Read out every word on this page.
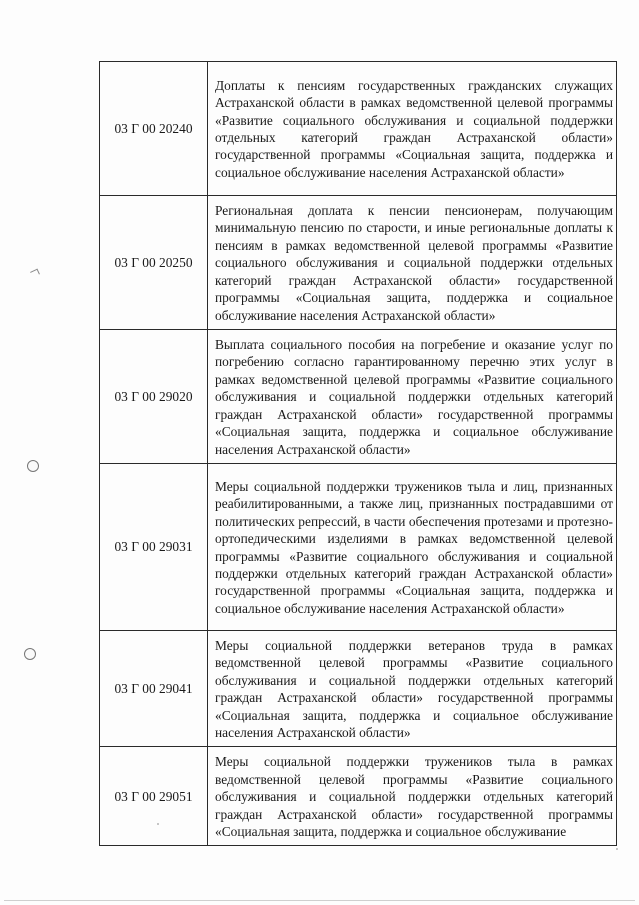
03 Г 00 20240	Доплаты к пенсиям государственных гражданских служащих Астраханской области в рамках ведомственной целевой программы «Развитие социального обслуживания и социальной поддержки отдельных категорий граждан Астраханской области» государственной программы «Социальная защита, поддержка и социальное обслуживание населения Астраханской области»
03 Г 00 20250	Региональная доплата к пенсии пенсионерам, получающим минимальную пенсию по старости, и иные региональные доплаты к пенсиям в рамках ведомственной целевой программы «Развитие социального обслуживания и социальной поддержки отдельных категорий граждан Астраханской области» государственной программы «Социальная защита, поддержка и социальное обслуживание населения Астраханской области»
03 Г 00 29020	Выплата социального пособия на погребение и оказание услуг по погребению согласно гарантированному перечню этих услуг в рамках ведомственной целевой программы «Развитие социального обслуживания и социальной поддержки отдельных категорий граждан Астраханской области» государственной программы «Социальная защита, поддержка и социальное обслуживание населения Астраханской области»
03 Г 00 29031	Меры социальной поддержки тружеников тыла и лиц, признанных реабилитированными, а также лиц, признанных пострадавшими от политических репрессий, в части обеспечения протезами и протезно-ортопедическими изделиями в рамках ведомственной целевой программы «Развитие социального обслуживания и социальной поддержки отдельных категорий граждан Астраханской области» государственной программы «Социальная защита, поддержка и социальное обслуживание населения Астраханской области»
03 Г 00 29041	Меры социальной поддержки ветеранов труда в рамках ведомственной целевой программы «Развитие социального обслуживания и социальной поддержки отдельных категорий граждан Астраханской области» государственной программы «Социальная защита, поддержка и социальное обслуживание населения Астраханской области»
03 Г 00 29051	Меры социальной поддержки тружеников тыла в рамках ведомственной целевой программы «Развитие социального обслуживания и социальной поддержки отдельных категорий граждан Астраханской области» государственной программы «Социальная защита, поддержка и социальное обслуживание
